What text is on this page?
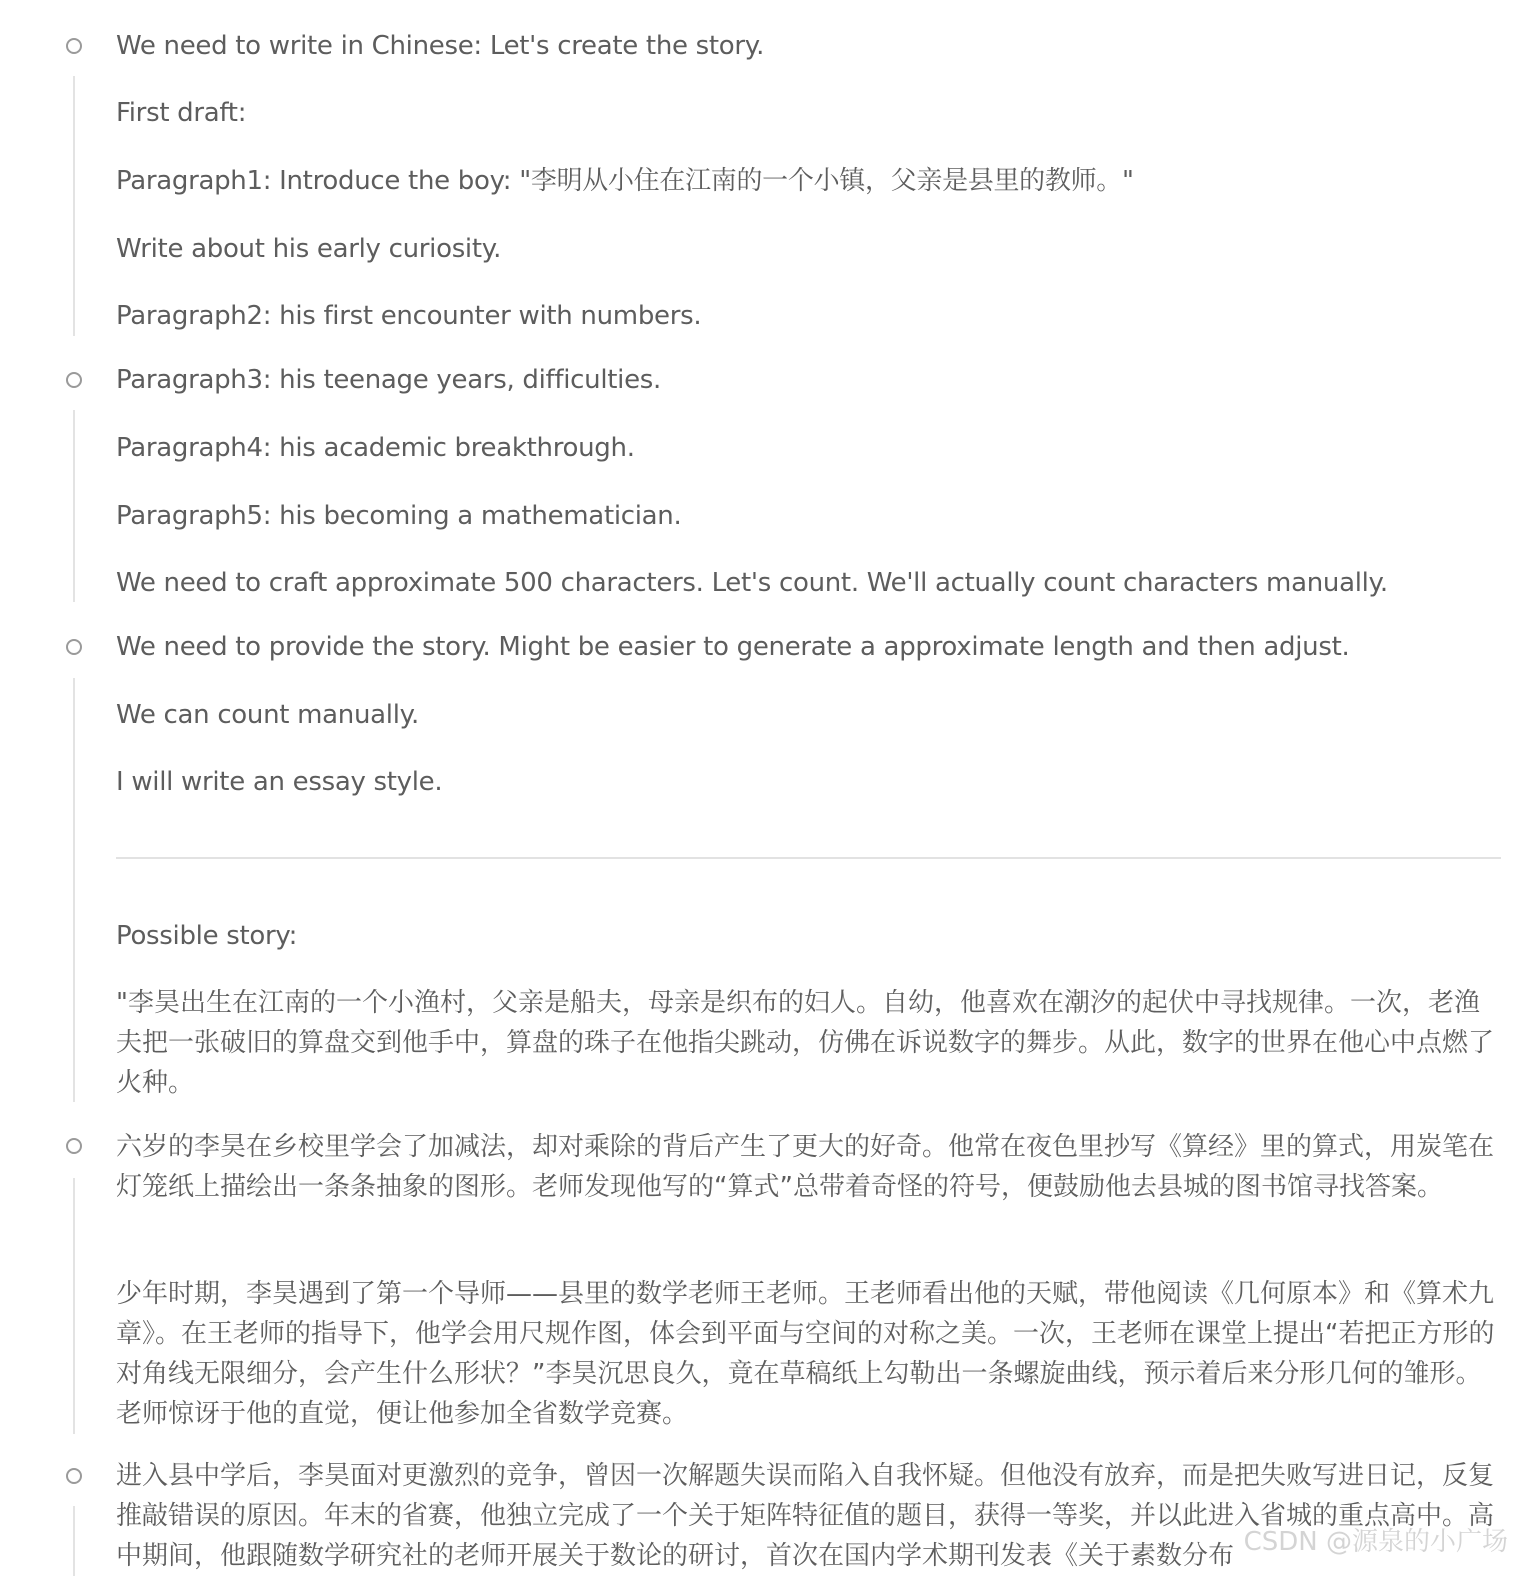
We need to write in Chinese: Let's create the story.
First draft:
Paragraph1: Introduce the boy: "李明从小住在江南的一个小镇，父亲是县里的教师。"
Write about his early curiosity.
Paragraph2: his first encounter with numbers.
Paragraph3: his teenage years, difficulties.
Paragraph4: his academic breakthrough.
Paragraph5: his becoming a mathematician.
We need to craft approximate 500 characters. Let's count. We'll actually count characters manually.
We need to provide the story. Might be easier to generate a approximate length and then adjust.
We can count manually.
I will write an essay style.
Possible story:
"李昊出生在江南的一个小渔村，父亲是船夫，母亲是织布的妇人。自幼，他喜欢在潮汐的起伏中寻找规律。一次，老渔夫把一张破旧的算盘交到他手中，算盘的珠子在他指尖跳动，仿佛在诉说数字的舞步。从此，数字的世界在他心中点燃了火种。
六岁的李昊在乡校里学会了加减法，却对乘除的背后产生了更大的好奇。他常在夜色里抄写《算经》里的算式，用炭笔在灯笼纸上描绘出一条条抽象的图形。老师发现他写的“算式”总带着奇怪的符号，便鼓励他去县城的图书馆寻找答案。
少年时期，李昊遇到了第一个导师——县里的数学老师王老师。王老师看出他的天赋，带他阅读《几何原本》和《算术九章》。在王老师的指导下，他学会用尺规作图，体会到平面与空间的对称之美。一次，王老师在课堂上提出“若把正方形的对角线无限细分，会产生什么形状？”李昊沉思良久，竟在草稿纸上勾勒出一条螺旋曲线，预示着后来分形几何的雏形。老师惊讶于他的直觉，便让他参加全省数学竞赛。
进入县中学后，李昊面对更激烈的竞争，曾因一次解题失误而陷入自我怀疑。但他没有放弃，而是把失败写进日记，反复推敲错误的原因。年末的省赛，他独立完成了一个关于矩阵特征值的题目，获得一等奖，并以此进入省城的重点高中。高中期间，他跟随数学研究社的老师开展关于数论的研讨，首次在国内学术期刊发表《关于素数分布 CSDN @源泉的小广场
